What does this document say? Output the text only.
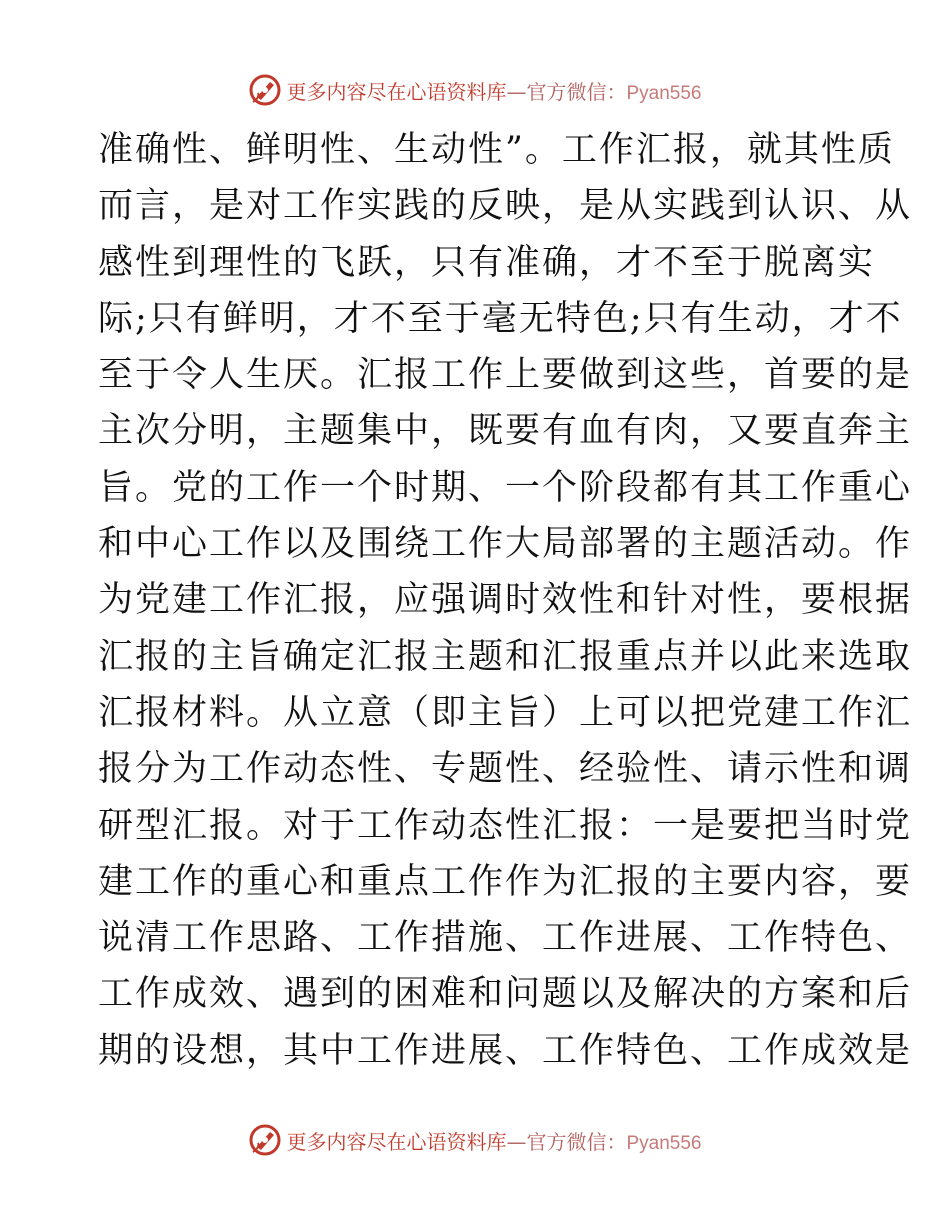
更多内容尽在心语资料库 — 官方微信： Pyan556
准确性、鲜明性、生动性”。工作汇报，就其性质
而言，是对工作实践的反映，是从实践到认识、从
感性到理性的飞跃，只有准确，才不至于脱离实
际;只有鲜明，才不至于毫无特色;只有生动，才不
至于令人生厌。汇报工作上要做到这些，首要的是
主次分明，主题集中，既要有血有肉，又要直奔主
旨。党的工作一个时期、一个阶段都有其工作重心
和中心工作以及围绕工作大局部署的主题活动。作
为党建工作汇报，应强调时效性和针对性，要根据
汇报的主旨确定汇报主题和汇报重点并以此来选取
汇报材料。从立意（即主旨）上可以把党建工作汇
报分为工作动态性、专题性、经验性、请示性和调
研型汇报。对于工作动态性汇报：一是要把当时党
建工作的重心和重点工作作为汇报的主要内容，要
说清工作思路、工作措施、工作进展、工作特色、
工作成效、遇到的困难和问题以及解决的方案和后
期的设想，其中工作进展、工作特色、工作成效是
更多内容尽在心语资料库 — 官方微信： Pyan556
